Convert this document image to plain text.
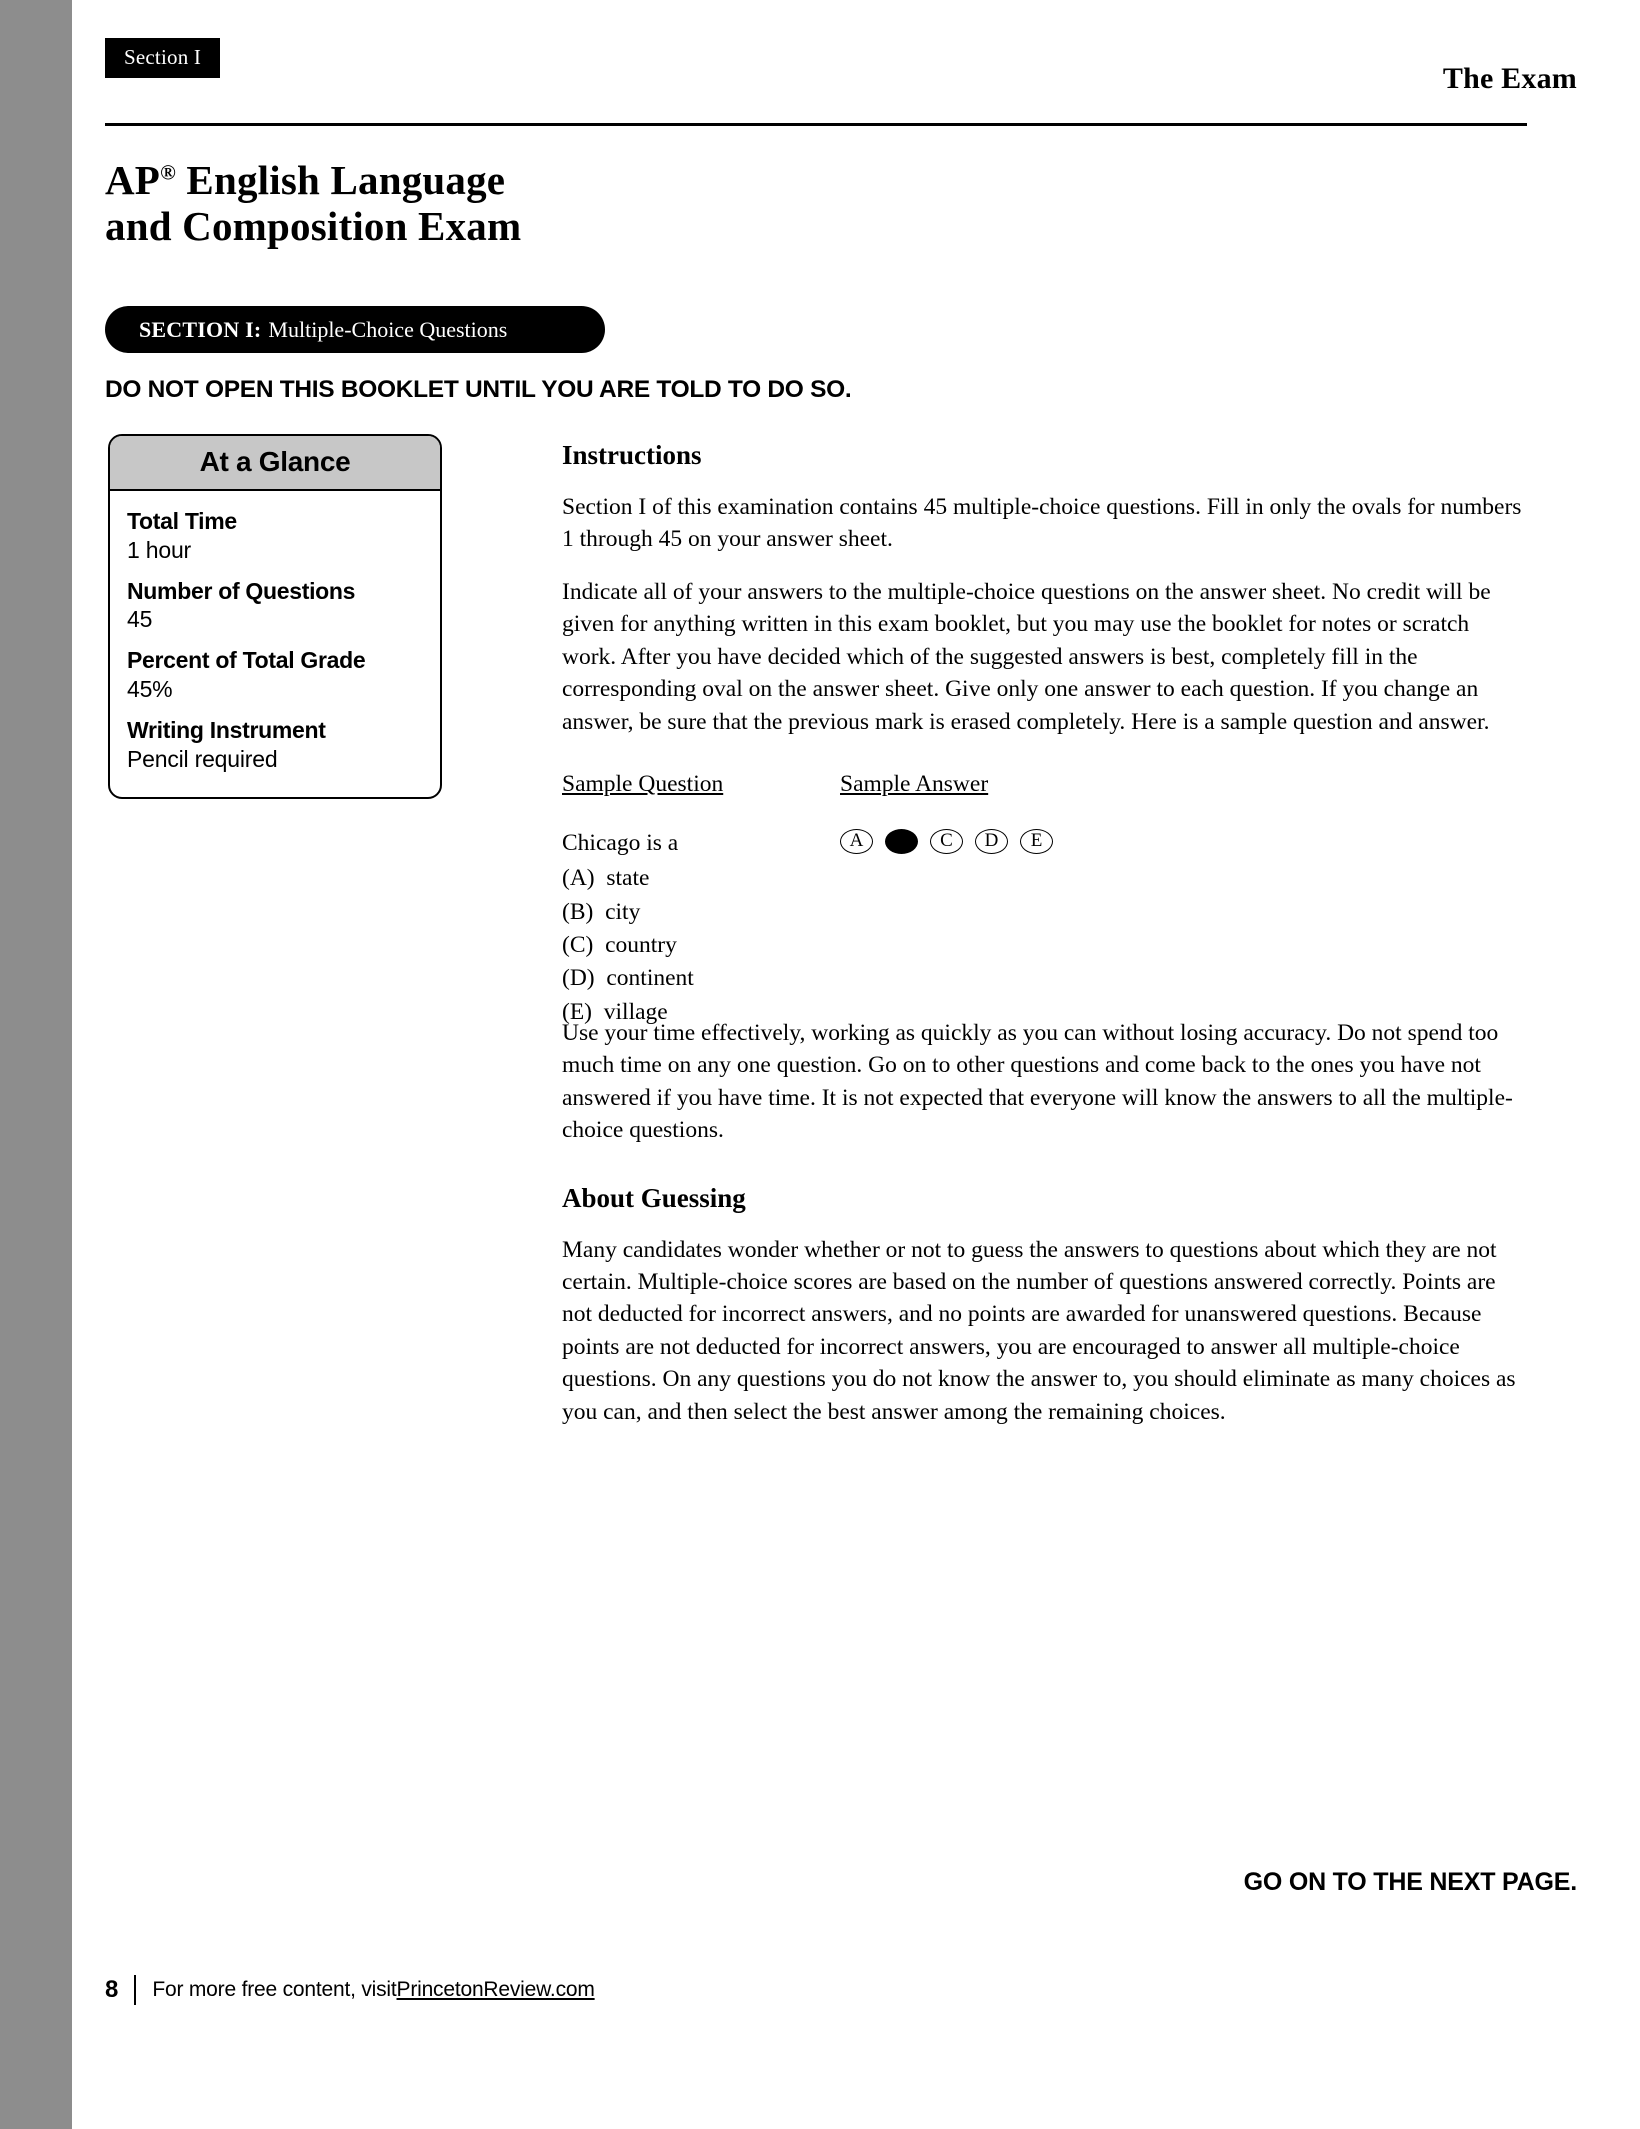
Section I
The Exam
AP® English Language
and Composition Exam
SECTION I: Multiple-Choice Questions
DO NOT OPEN THIS BOOKLET UNTIL YOU ARE TOLD TO DO SO.
At a Glance
Total Time
1 hour
Number of Questions
45
Percent of Total Grade
45%
Writing Instrument
Pencil required
Instructions

Section I of this examination contains 45 multiple-choice questions. Fill in only the ovals for numbers 1 through 45 on your answer sheet.

Indicate all of your answers to the multiple-choice questions on the answer sheet. No credit will be given for anything written in this exam booklet, but you may use the booklet for notes or scratch work. After you have decided which of the suggested answers is best, completely fill in the corresponding oval on the answer sheet. Give only one answer to each question. If you change an answer, be sure that the previous mark is erased completely. Here is a sample question and answer.

Sample Question	Sample Answer
Chicago is a
(A)  state
(B)  city
(C)  country
(D)  continent
(E)  village
A	C	D	E

Use your time effectively, working as quickly as you can without losing accuracy. Do not spend too much time on any one question. Go on to other questions and come back to the ones you have not answered if you have time. It is not expected that everyone will know the answers to all the multiple-choice questions.

About Guessing

Many candidates wonder whether or not to guess the answers to questions about which they are not certain. Multiple-choice scores are based on the number of questions answered correctly. Points are not deducted for incorrect answers, and no points are awarded for unanswered questions. Because points are not deducted for incorrect answers, you are encouraged to answer all multiple-choice questions. On any questions you do not know the answer to, you should eliminate as many choices as you can, and then select the best answer among the remaining choices.

GO ON TO THE NEXT PAGE.
8 For more free content, visit PrincetonReview.com
